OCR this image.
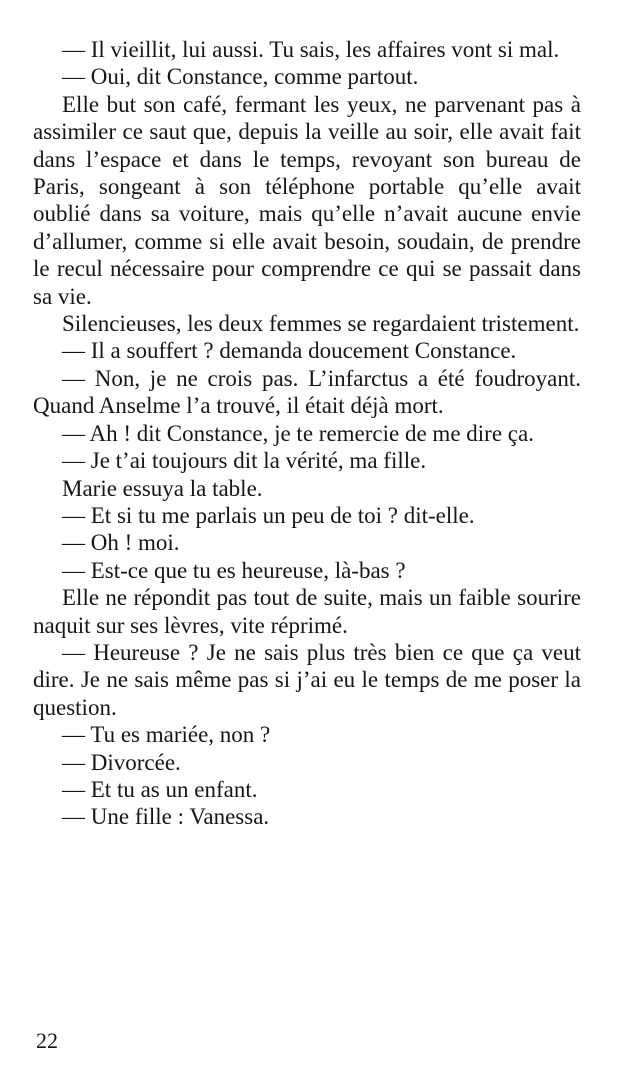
— Il vieillit, lui aussi. Tu sais, les affaires vont si mal.

— Oui, dit Constance, comme partout.

Elle but son café, fermant les yeux, ne parvenant pas à assimiler ce saut que, depuis la veille au soir, elle avait fait dans l’espace et dans le temps, revoyant son bureau de Paris, songeant à son téléphone portable qu’elle avait oublié dans sa voiture, mais qu’elle n’avait aucune envie d’allumer, comme si elle avait besoin, soudain, de prendre le recul nécessaire pour comprendre ce qui se passait dans sa vie.

Silencieuses, les deux femmes se regardaient tristement.

— Il a souffert ? demanda doucement Constance.

— Non, je ne crois pas. L’infarctus a été foudroyant. Quand Anselme l’a trouvé, il était déjà mort.

— Ah ! dit Constance, je te remercie de me dire ça.

— Je t’ai toujours dit la vérité, ma fille.

Marie essuya la table.

— Et si tu me parlais un peu de toi ? dit-elle.

— Oh ! moi.

— Est-ce que tu es heureuse, là-bas ?

Elle ne répondit pas tout de suite, mais un faible sourire naquit sur ses lèvres, vite réprimé.

— Heureuse ? Je ne sais plus très bien ce que ça veut dire. Je ne sais même pas si j’ai eu le temps de me poser la question.

— Tu es mariée, non ?

— Divorcée.

— Et tu as un enfant.

— Une fille : Vanessa.

22
